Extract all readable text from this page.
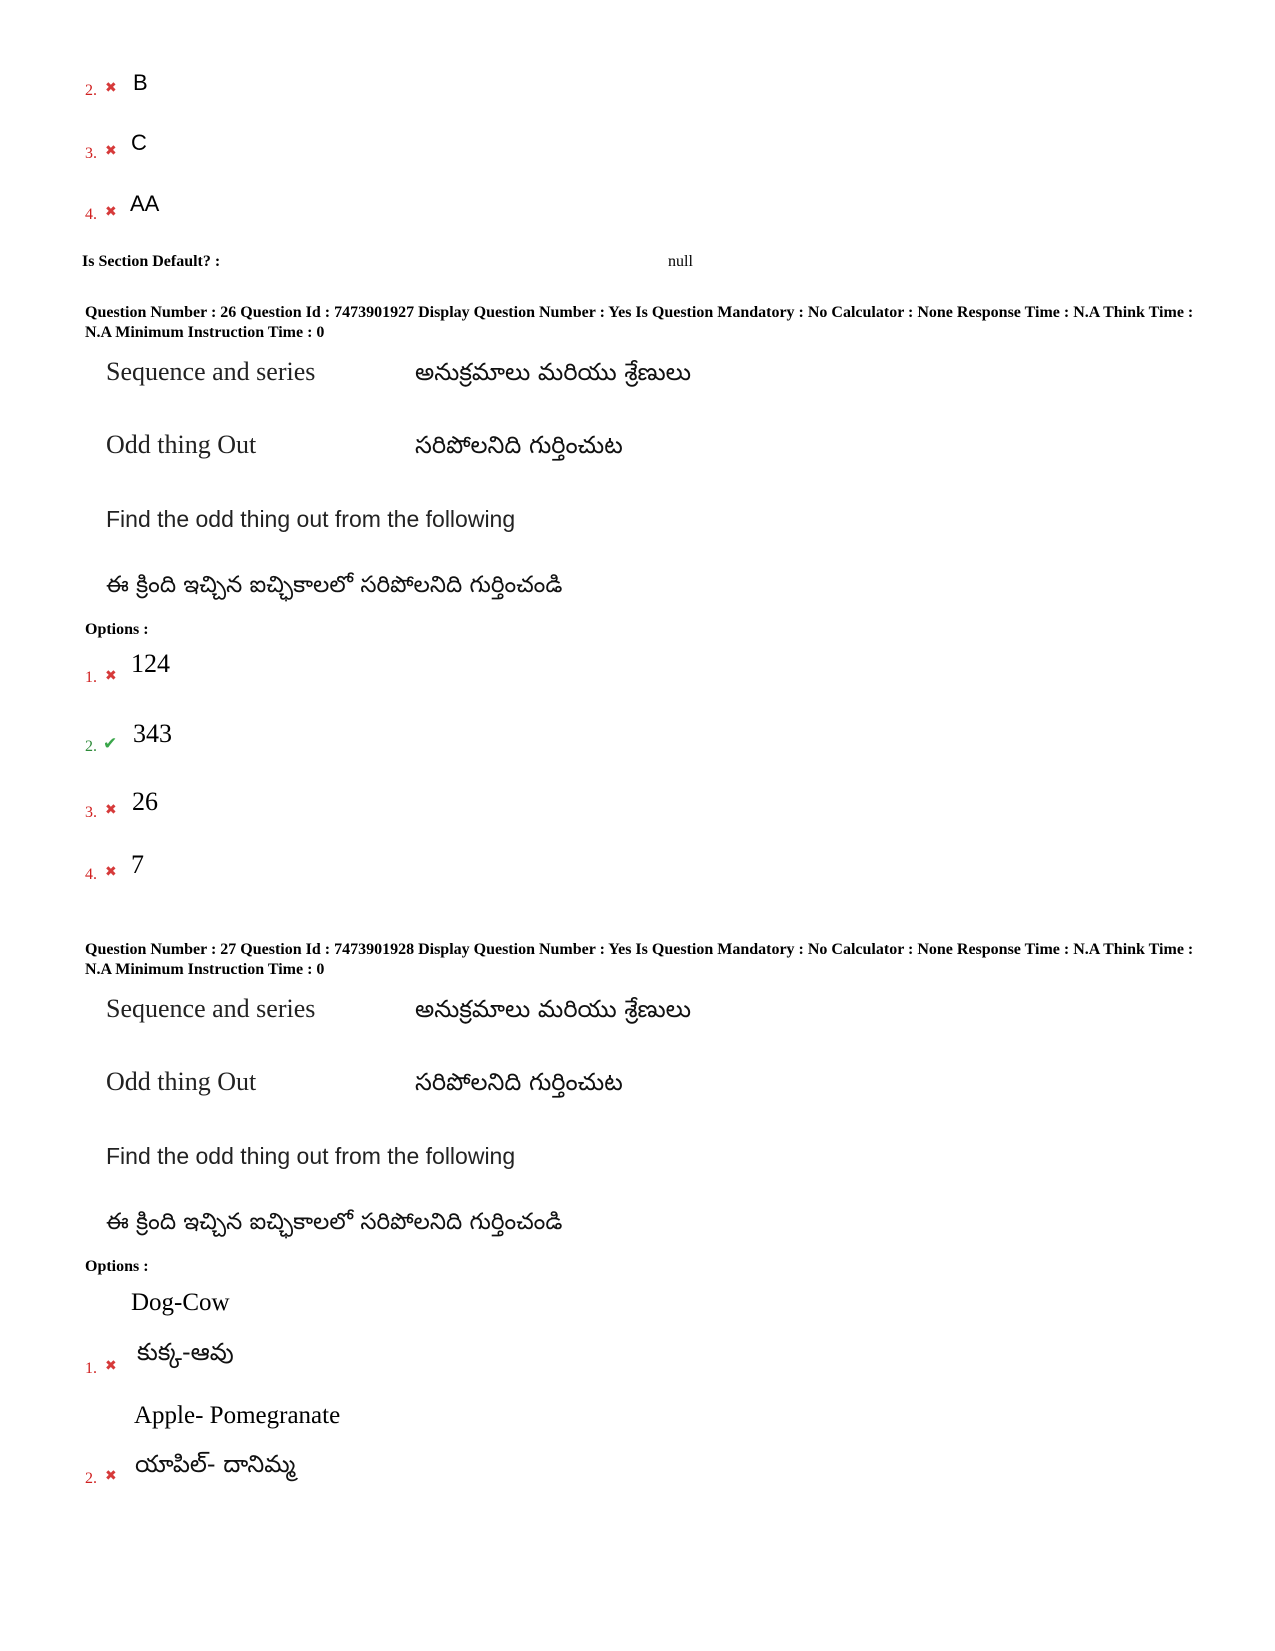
2. ✖ B
3. ✖ C
4. ✖ AA
Is Section Default? :	null
Question Number : 26 Question Id : 7473901927 Display Question Number : Yes Is Question Mandatory : No Calculator : None Response Time : N.A Think Time : N.A Minimum Instruction Time : 0
Sequence and series	అనుక్రమాలు మరియు శ్రేణులు
Odd thing Out	సరిపోలనిది గుర్తించుట
Find the odd thing out from the following
ఈ క్రింది ఇచ్చిన ఐచ్ఛికాలలో సరిపోలనిది గుర్తించండి
Options :
1. ✖ 124
2. ✔ 343
3. ✖ 26
4. ✖ 7
Question Number : 27 Question Id : 7473901928 Display Question Number : Yes Is Question Mandatory : No Calculator : None Response Time : N.A Think Time : N.A Minimum Instruction Time : 0
Sequence and series	అనుక్రమాలు మరియు శ్రేణులు
Odd thing Out	సరిపోలనిది గుర్తించుట
Find the odd thing out from the following
ఈ క్రింది ఇచ్చిన ఐచ్ఛికాలలో సరిపోలనిది గుర్తించండి
Options :
Dog-Cow
కుక్క-ఆవు
1. ✖
Apple- Pomegranate
యాపిల్- దానిమ్మ
2. ✖
